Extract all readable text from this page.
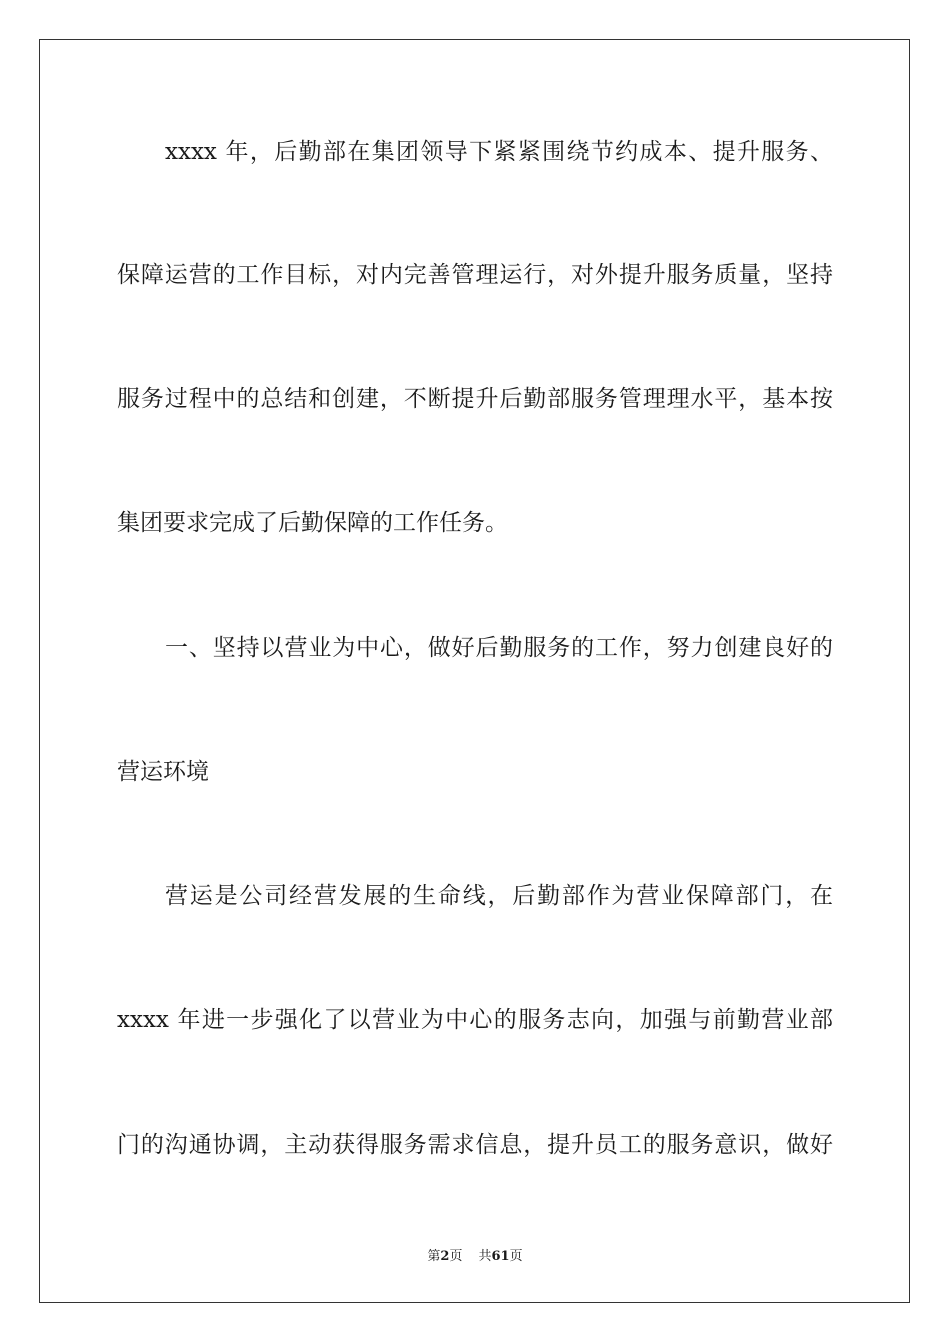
xxxx 年，后勤部在集团领导下紧紧围绕节约成本、提升服务、
保障运营的工作目标，对内完善管理运行，对外提升服务质量，坚持
服务过程中的总结和创建，不断提升后勤部服务管理理水平，基本按
集团要求完成了后勤保障的工作任务。
一、坚持以营业为中心，做好后勤服务的工作，努力创建良好的
营运环境
营运是公司经营发展的生命线，后勤部作为营业保障部门，在
xxxx 年进一步强化了以营业为中心的服务志向，加强与前勤营业部
门的沟通协调，主动获得服务需求信息，提升员工的服务意识，做好
第2页 共61页
